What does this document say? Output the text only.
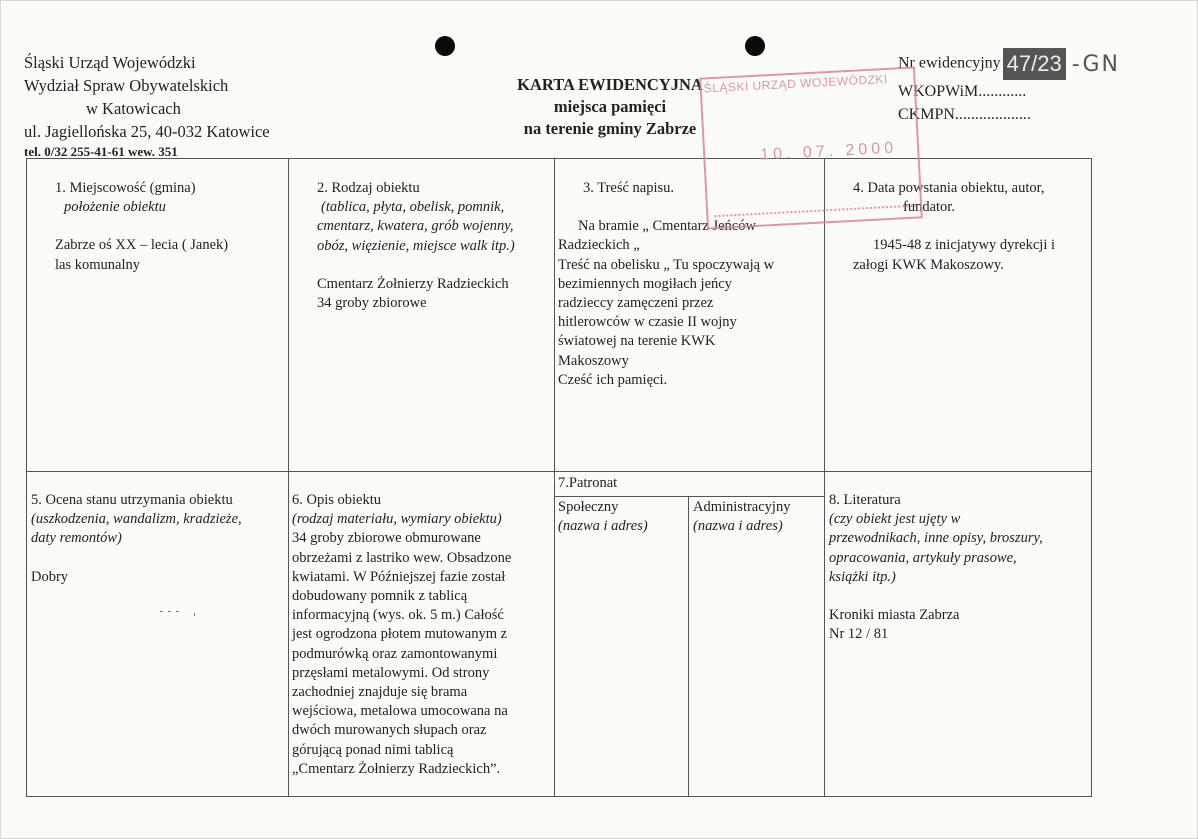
Śląski Urząd Wojewódzki
Wydział Spraw Obywatelskich
w Katowicach
ul. Jagiellońska 25, 40-032 Katowice
tel. 0/32 255-41-61 wew. 351
KARTA EWIDENCYJNA
miejsca pamięci
na terenie gminy Zabrze
Nr ewidencyjny 47/23 -GN
WKOPWiM............
CKMPN...................
1. Miejscowość (gmina)
położenie obiektu
Zabrze oś XX – lecia ( Janek)
las komunalny
2. Rodzaj obiektu
(tablica, płyta, obelisk, pomnik,
cmentarz, kwatera, grób wojenny,
obóz, więzienie, miejsce walk itp.)
Cmentarz Żołnierzy Radzieckich
34 groby zbiorowe
3. Treść napisu.
Na bramie „ Cmentarz Jeńców
Radzieckich „
Treść na obelisku „ Tu spoczywają w
bezimiennych mogiłach jeńcy
radzieccy zamęczeni przez
hitlerowców w czasie II wojny
światowej na terenie KWK
Makoszowy
Cześć ich pamięci.
4. Data powstania obiektu, autor,
fundator.
1945-48 z inicjatywy dyrekcji i
załogi KWK Makoszowy.
5. Ocena stanu utrzymania obiektu
(uszkodzenia, wandalizm, kradzieże,
daty remontów)
Dobry
6. Opis obiektu
(rodzaj materiału, wymiary obiektu)
34 groby zbiorowe obmurowane
obrzeżami z lastriko wew. Obsadzone
kwiatami. W Późniejszej fazie został
dobudowany pomnik z tablicą
informacyjną (wys. ok. 5 m.) Całość
jest ogrodzona płotem mutowanym z
podmurówką oraz zamontowanymi
przęsłami metalowymi. Od strony
zachodniej znajduje się brama
wejściowa, metalowa umocowana na
dwóch murowanych słupach oraz
górującą ponad nimi tablicą
„Cmentarz Żołnierzy Radzieckich”.
7.Patronat
Społeczny
(nazwa i adres)
Administracyjny
(nazwa i adres)
8. Literatura
(czy obiekt jest ujęty w
przewodnikach, inne opisy, broszury,
opracowania, artykuły prasowe,
książki itp.)
Kroniki miasta Zabrza
Nr 12 / 81
ŚLĄSKI URZĄD WOJEWÓDZKI
10. 07. 2000
